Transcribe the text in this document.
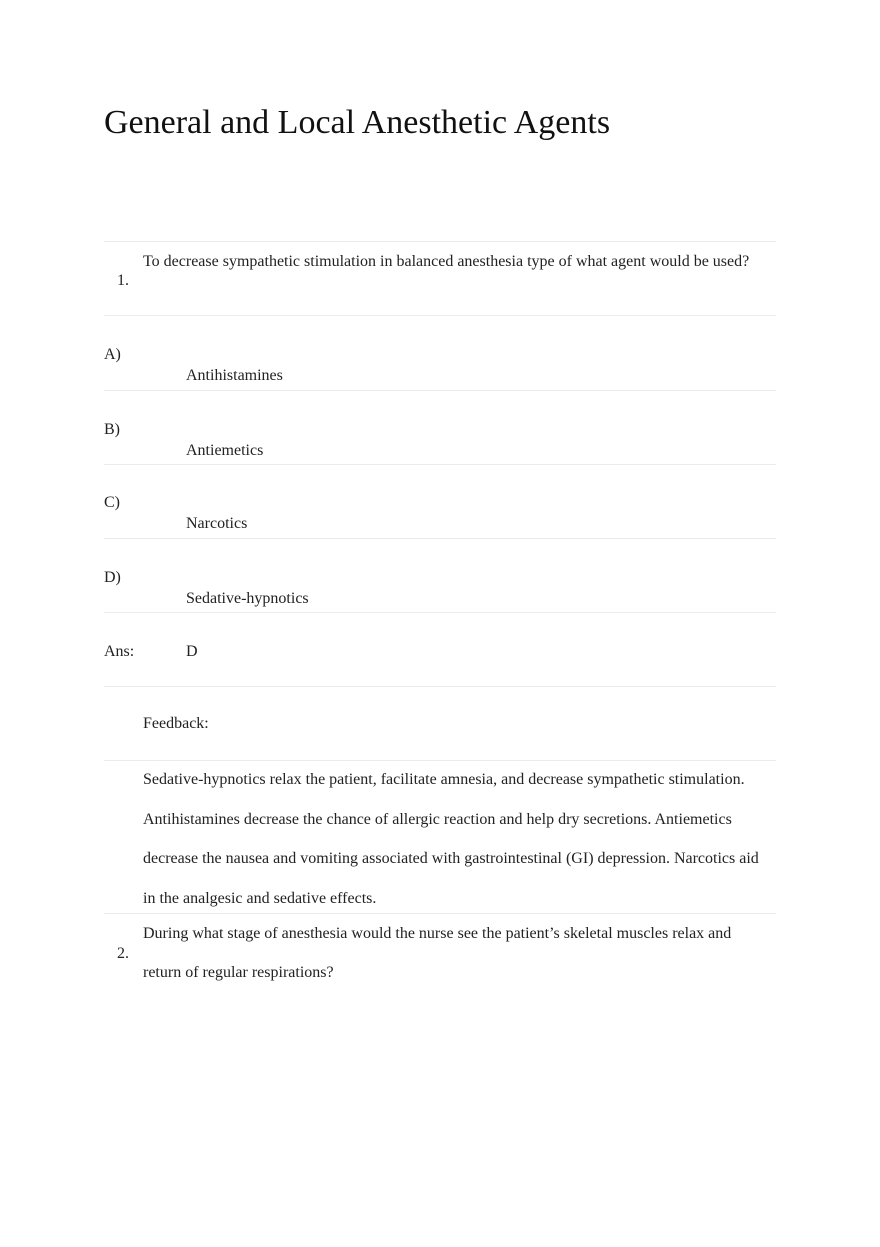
General and Local Anesthetic Agents
1.
To decrease sympathetic stimulation in balanced anesthesia type of what agent would be used?
A)
Antihistamines
B)
Antiemetics
C)
Narcotics
D)
Sedative-hypnotics
Ans:	D
Feedback:
Sedative-hypnotics relax the patient, facilitate amnesia, and decrease sympathetic stimulation. Antihistamines decrease the chance of allergic reaction and help dry secretions. Antiemetics decrease the nausea and vomiting associated with gastrointestinal (GI) depression. Narcotics aid in the analgesic and sedative effects.
2.
During what stage of anesthesia would the nurse see the patient’s skeletal muscles relax and return of regular respirations?
